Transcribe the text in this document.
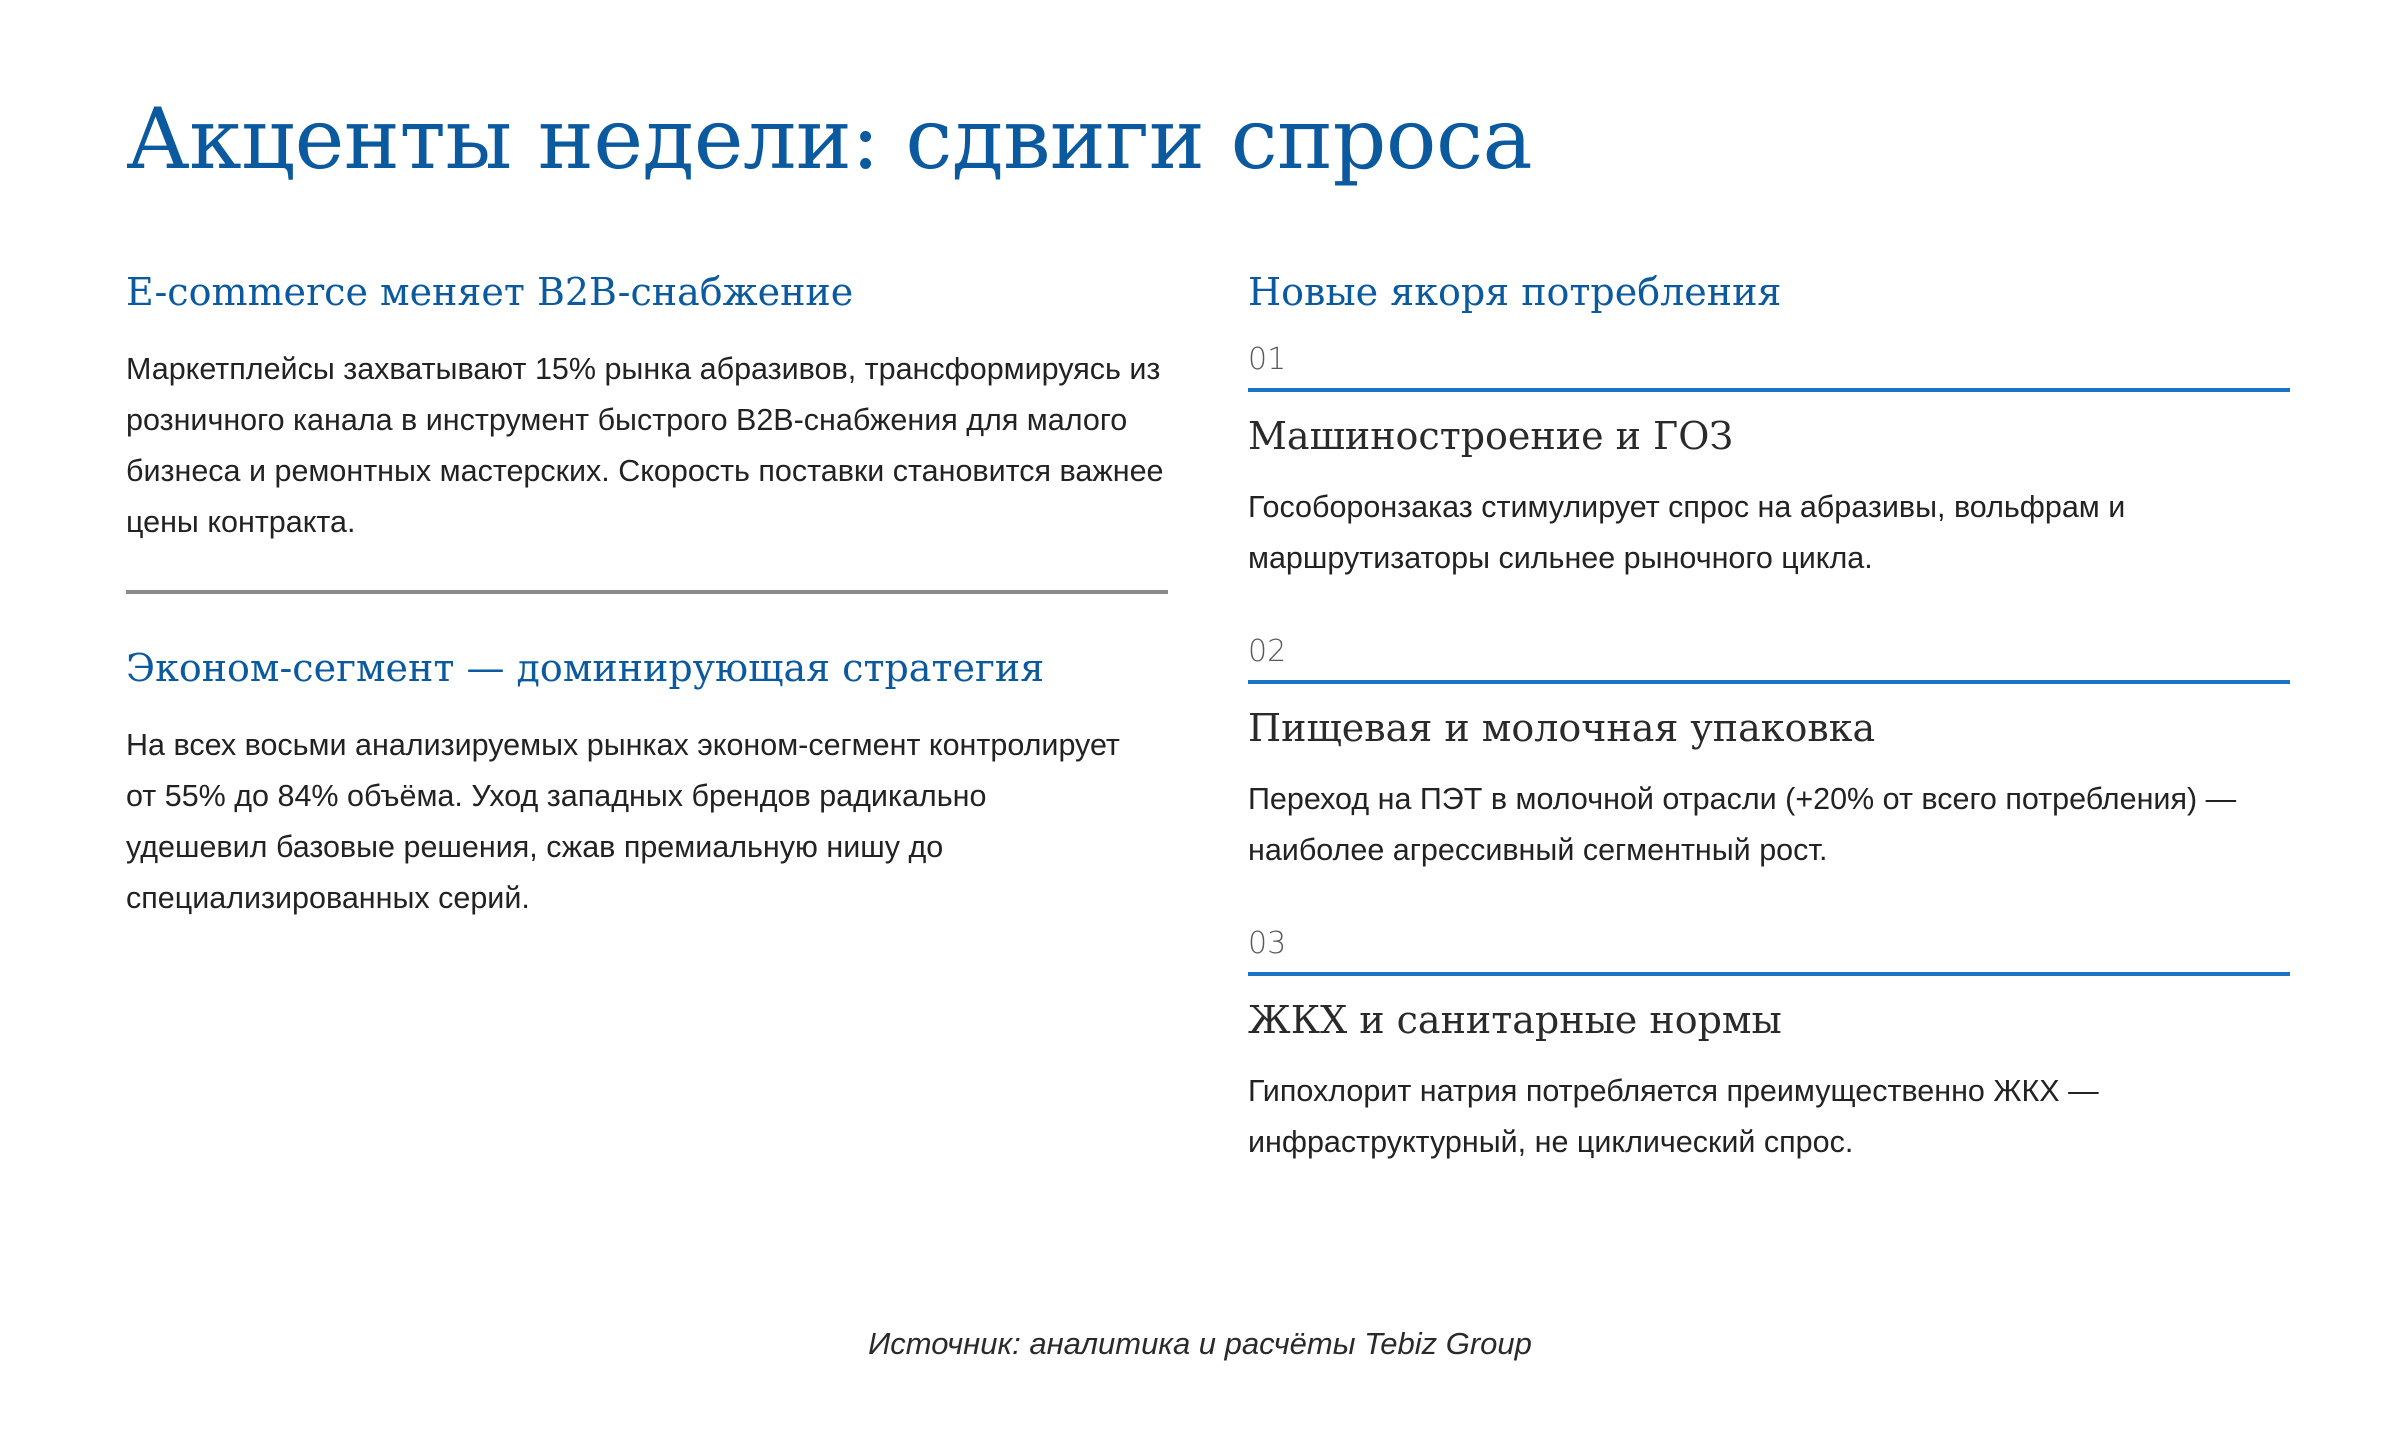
Акценты недели: сдвиги спроса
E-commerce меняет B2B-снабжение

Маркетплейсы захватывают 15% рынка абразивов, трансформируясь из розничного канала в инструмент быстрого B2B-снабжения для малого бизнеса и ремонтных мастерских. Скорость поставки становится важнее цены контракта.

Эконом-сегмент — доминирующая стратегия

На всех восьми анализируемых рынках эконом-сегмент контролирует от 55% до 84% объёма. Уход западных брендов радикально удешевил базовые решения, сжав премиальную нишу до специализированных серий.

Новые якоря потребления

01

Машиностроение и ГОЗ

Гособоронзаказ стимулирует спрос на абразивы, вольфрам и маршрутизаторы сильнее рыночного цикла.

02

Пищевая и молочная упаковка

Переход на ПЭТ в молочной отрасли (+20% от всего потребления) — наиболее агрессивный сегментный рост.

03

ЖКХ и санитарные нормы

Гипохлорит натрия потребляется преимущественно ЖКХ — инфраструктурный, не циклический спрос.

Источник: аналитика и расчёты Tebiz Group
